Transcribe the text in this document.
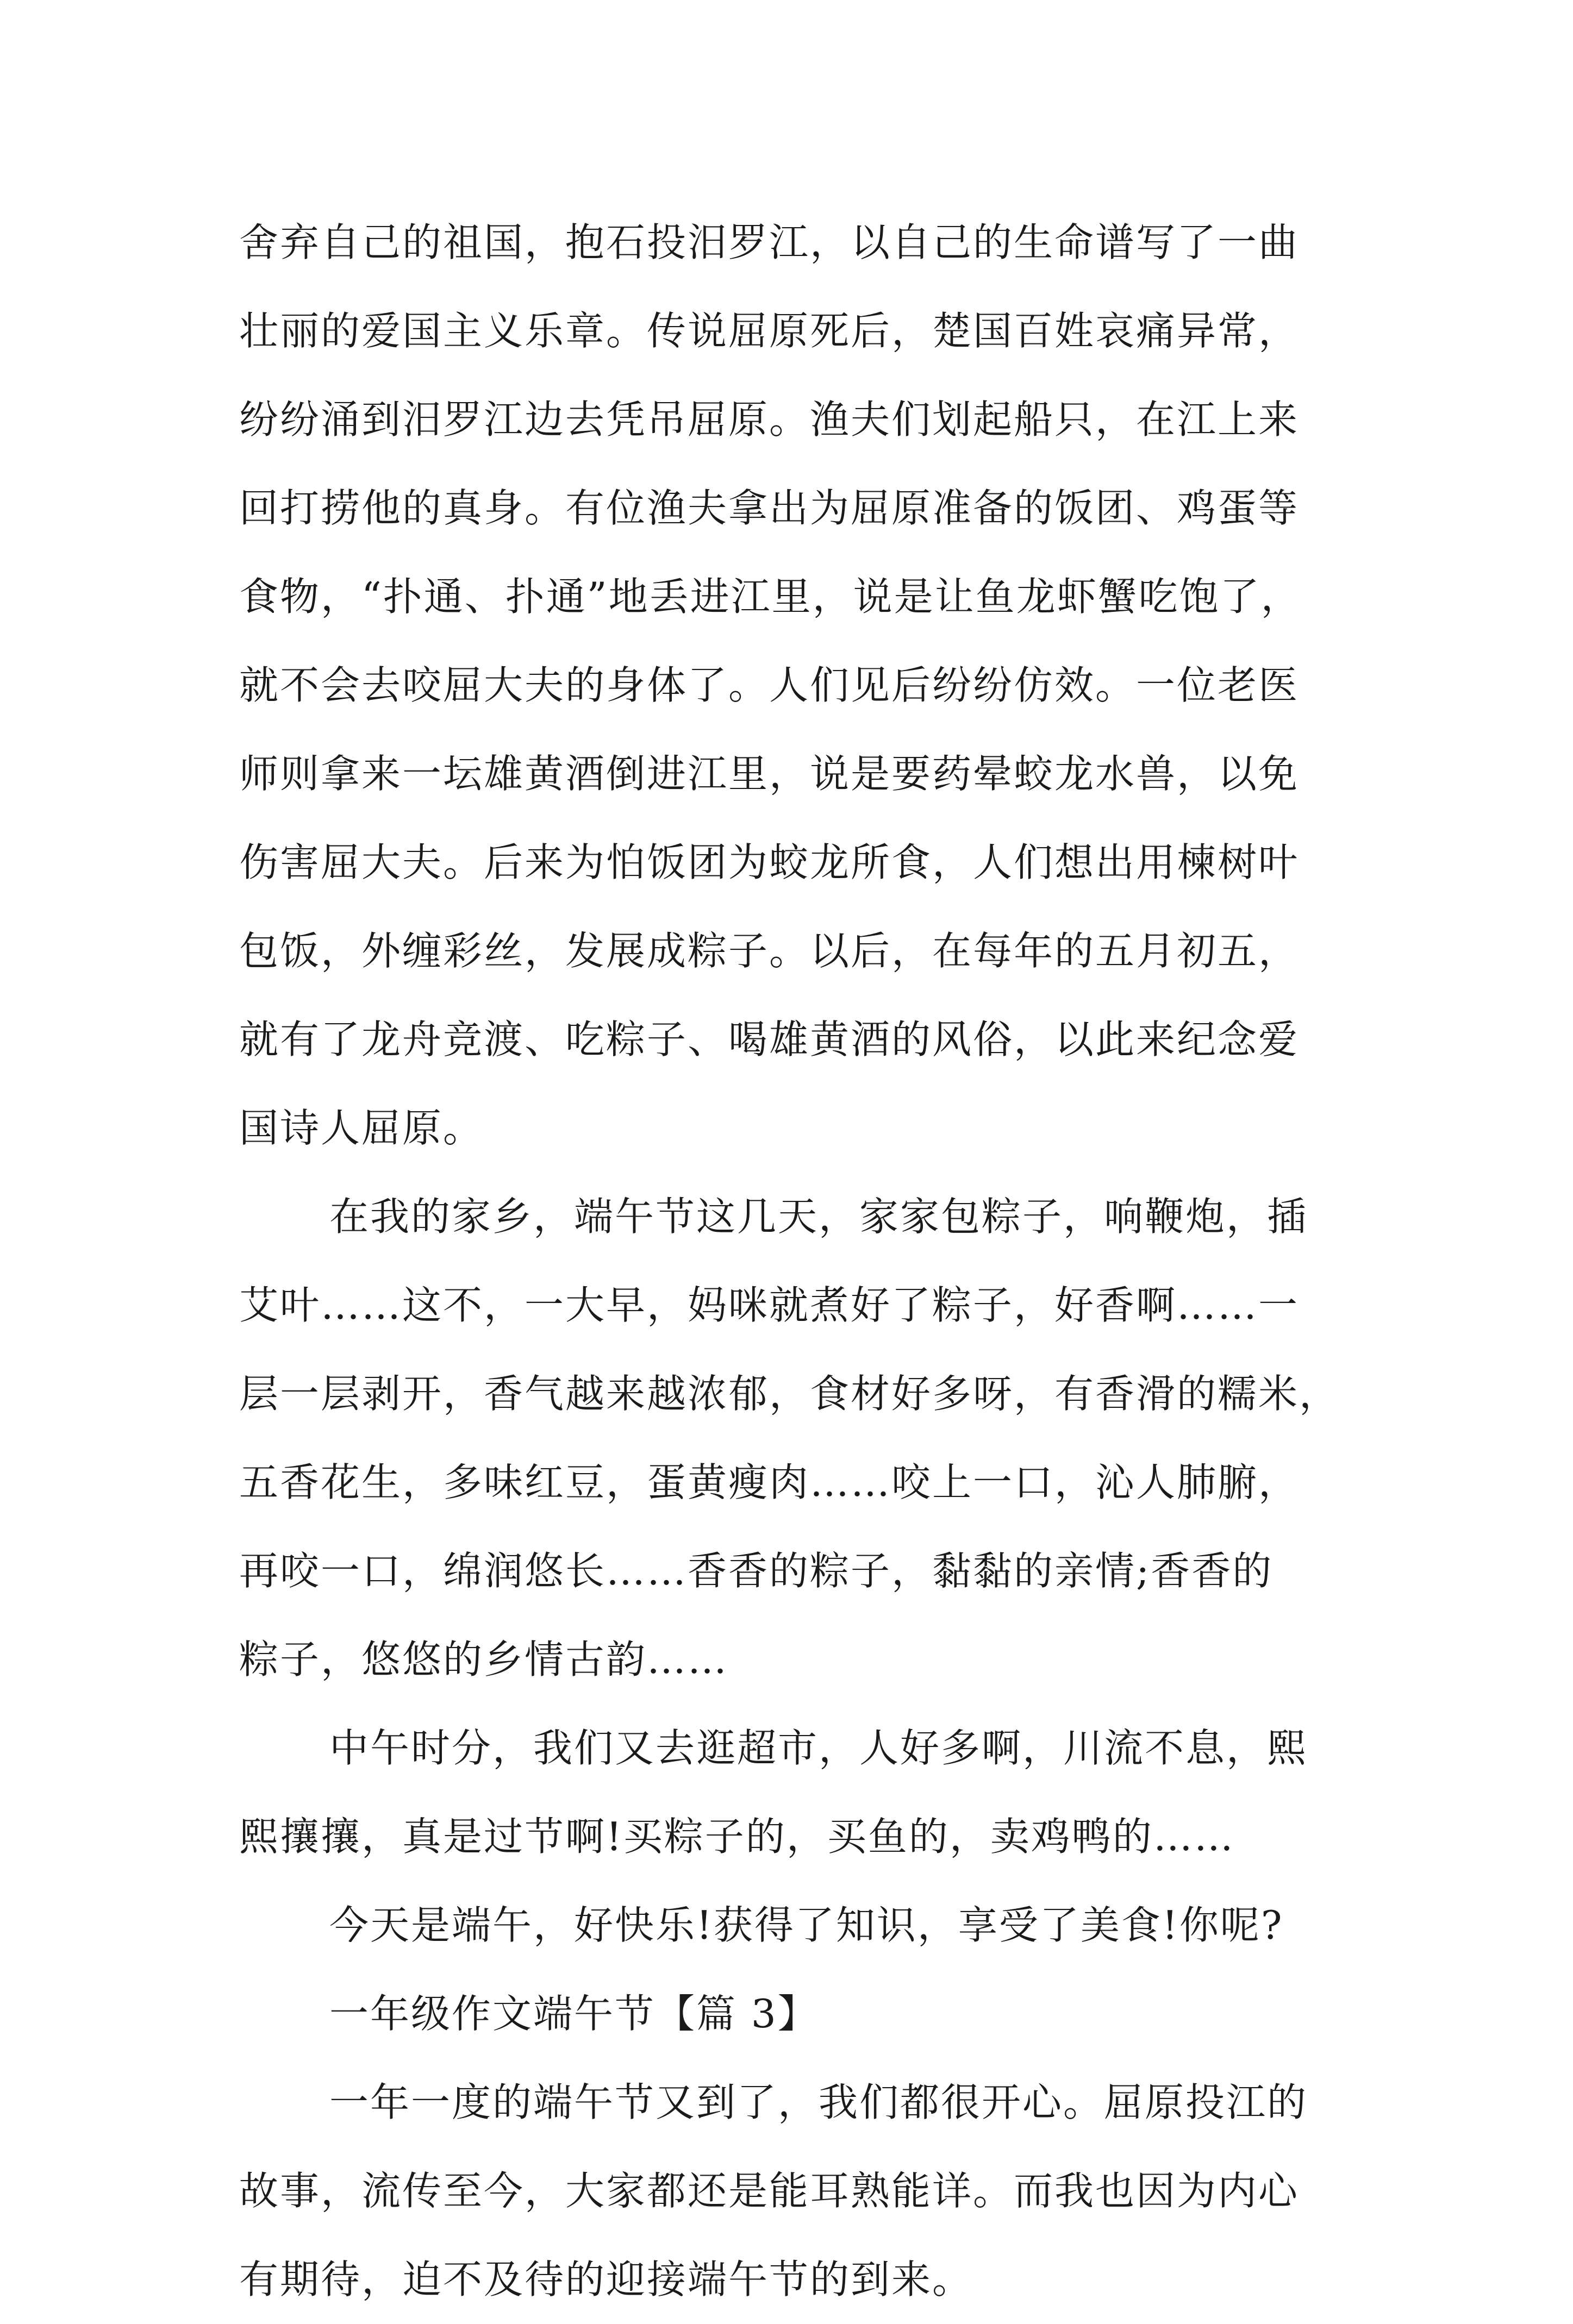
舍弃自己的祖国，抱石投汨罗江，以自己的生命谱写了一曲
壮丽的爱国主义乐章。传说屈原死后，楚国百姓哀痛异常，
纷纷涌到汨罗江边去凭吊屈原。渔夫们划起船只，在江上来
回打捞他的真身。有位渔夫拿出为屈原准备的饭团、鸡蛋等
食物，“扑通、扑通”地丢进江里，说是让鱼龙虾蟹吃饱了，
就不会去咬屈大夫的身体了。人们见后纷纷仿效。一位老医
师则拿来一坛雄黄酒倒进江里，说是要药晕蛟龙水兽，以免
伤害屈大夫。后来为怕饭团为蛟龙所食，人们想出用楝树叶
包饭，外缠彩丝，发展成粽子。以后，在每年的五月初五，
就有了龙舟竞渡、吃粽子、喝雄黄酒的风俗，以此来纪念爱
国诗人屈原。
在我的家乡，端午节这几天，家家包粽子，响鞭炮，插
艾叶……这不，一大早，妈咪就煮好了粽子，好香啊……一
层一层剥开，香气越来越浓郁，食材好多呀，有香滑的糯米，
五香花生，多味红豆，蛋黄瘦肉……咬上一口，沁人肺腑，
再咬一口，绵润悠长……香香的粽子，黏黏的亲情;香香的
粽子，悠悠的乡情古韵……
中午时分，我们又去逛超市，人好多啊，川流不息，熙
熙攘攘，真是过节啊!买粽子的，买鱼的，卖鸡鸭的……
今天是端午，好快乐!获得了知识，享受了美食!你呢?
一年级作文端午节【篇 3】
一年一度的端午节又到了，我们都很开心。屈原投江的
故事，流传至今，大家都还是能耳熟能详。而我也因为内心
有期待，迫不及待的迎接端午节的到来。
